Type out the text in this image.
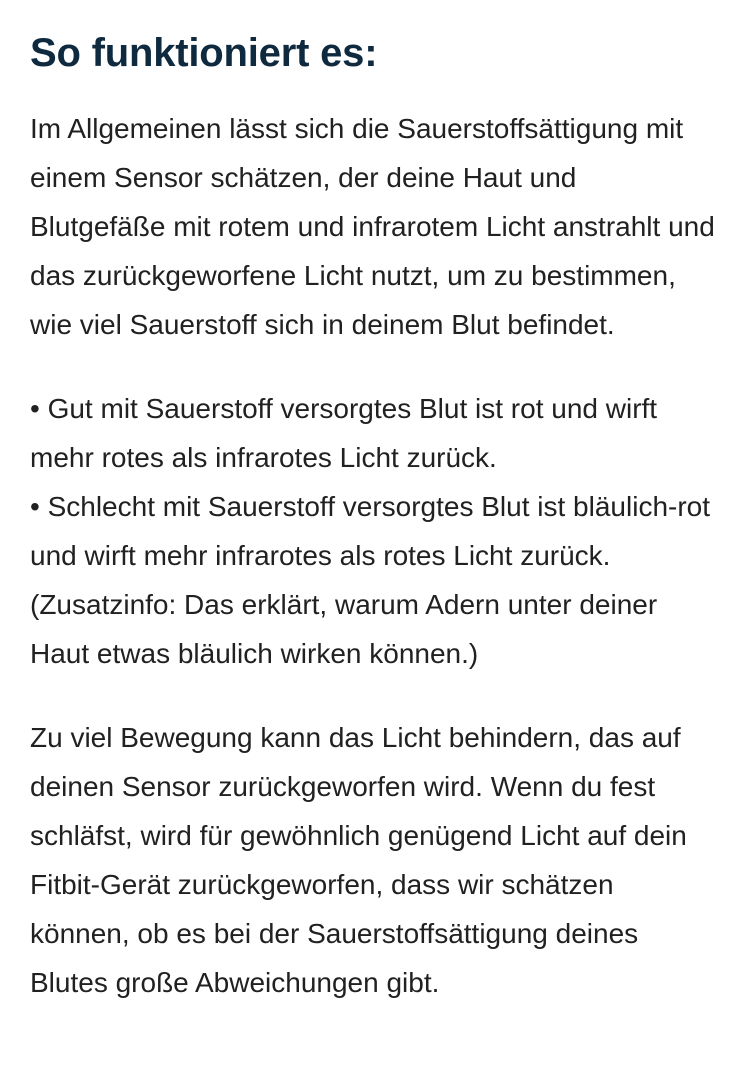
So funktioniert es:

Im Allgemeinen lässt sich die Sauerstoffsättigung mit einem Sensor schätzen, der deine Haut und Blutgefäße mit rotem und infrarotem Licht anstrahlt und das zurückgeworfene Licht nutzt, um zu bestimmen, wie viel Sauerstoff sich in deinem Blut befindet.

• Gut mit Sauerstoff versorgtes Blut ist rot und wirft mehr rotes als infrarotes Licht zurück.
• Schlecht mit Sauerstoff versorgtes Blut ist bläulich-rot und wirft mehr infrarotes als rotes Licht zurück. (Zusatzinfo: Das erklärt, warum Adern unter deiner Haut etwas bläulich wirken können.)

Zu viel Bewegung kann das Licht behindern, das auf deinen Sensor zurückgeworfen wird. Wenn du fest schläfst, wird für gewöhnlich genügend Licht auf dein Fitbit-Gerät zurückgeworfen, dass wir schätzen können, ob es bei der Sauerstoffsättigung deines Blutes große Abweichungen gibt.
